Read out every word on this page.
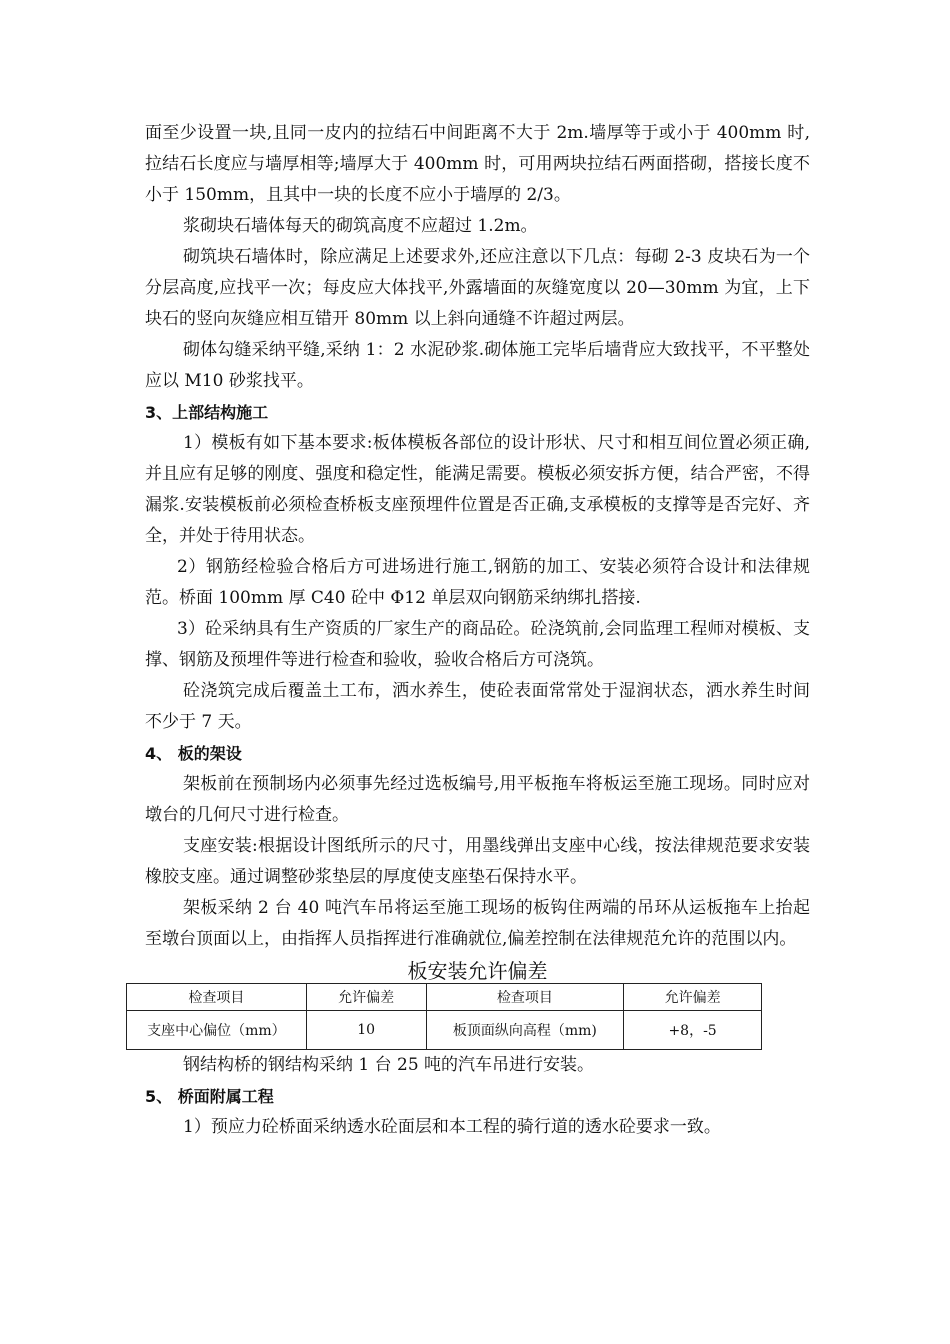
面至少设置一块,且同一皮内的拉结石中间距离不大于 2m.墙厚等于或小于 400mm 时,拉结石长度应与墙厚相等;墙厚大于 400mm 时，可用两块拉结石两面搭砌，搭接长度不小于 150mm，且其中一块的长度不应小于墙厚的 2/3。

浆砌块石墙体每天的砌筑高度不应超过 1.2m。

砌筑块石墙体时，除应满足上述要求外,还应注意以下几点：每砌 2-3 皮块石为一个分层高度,应找平一次；每皮应大体找平,外露墙面的灰缝宽度以 20—30mm 为宜，上下块石的竖向灰缝应相互错开 80mm 以上斜向通缝不许超过两层。

砌体勾缝采纳平缝,采纳 1：2 水泥砂浆.砌体施工完毕后墙背应大致找平，不平整处应以 M10 砂浆找平。

3、上部结构施工

1）模板有如下基本要求:板体模板各部位的设计形状、尺寸和相互间位置必须正确,并且应有足够的刚度、强度和稳定性，能满足需要。模板必须安拆方便，结合严密，不得漏浆.安装模板前必须检查桥板支座预埋件位置是否正确,支承模板的支撑等是否完好、齐全，并处于待用状态。

2）钢筋经检验合格后方可进场进行施工,钢筋的加工、安装必须符合设计和法律规范。桥面 100mm 厚 C40 砼中 Φ12 单层双向钢筋采纳绑扎搭接.

3）砼采纳具有生产资质的厂家生产的商品砼。砼浇筑前,会同监理工程师对模板、支撑、钢筋及预埋件等进行检查和验收，验收合格后方可浇筑。

砼浇筑完成后覆盖土工布，洒水养生，使砼表面常常处于湿润状态，洒水养生时间不少于 7 天。

4、 板的架设

架板前在预制场内必须事先经过选板编号,用平板拖车将板运至施工现场。同时应对墩台的几何尺寸进行检查。

支座安装:根据设计图纸所示的尺寸，用墨线弹出支座中心线，按法律规范要求安装橡胶支座。通过调整砂浆垫层的厚度使支座垫石保持水平。

架板采纳 2 台 40 吨汽车吊将运至施工现场的板钩住两端的吊环从运板拖车上抬起至墩台顶面以上，由指挥人员指挥进行准确就位,偏差控制在法律规范允许的范围以内。

板安装允许偏差
检查项目	允许偏差	检查项目	允许偏差
支座中心偏位（mm）	10	板顶面纵向高程（mm)	+8，-5

钢结构桥的钢结构采纳 1 台 25 吨的汽车吊进行安装。

5、 桥面附属工程

1）预应力砼桥面采纳透水砼面层和本工程的骑行道的透水砼要求一致。
